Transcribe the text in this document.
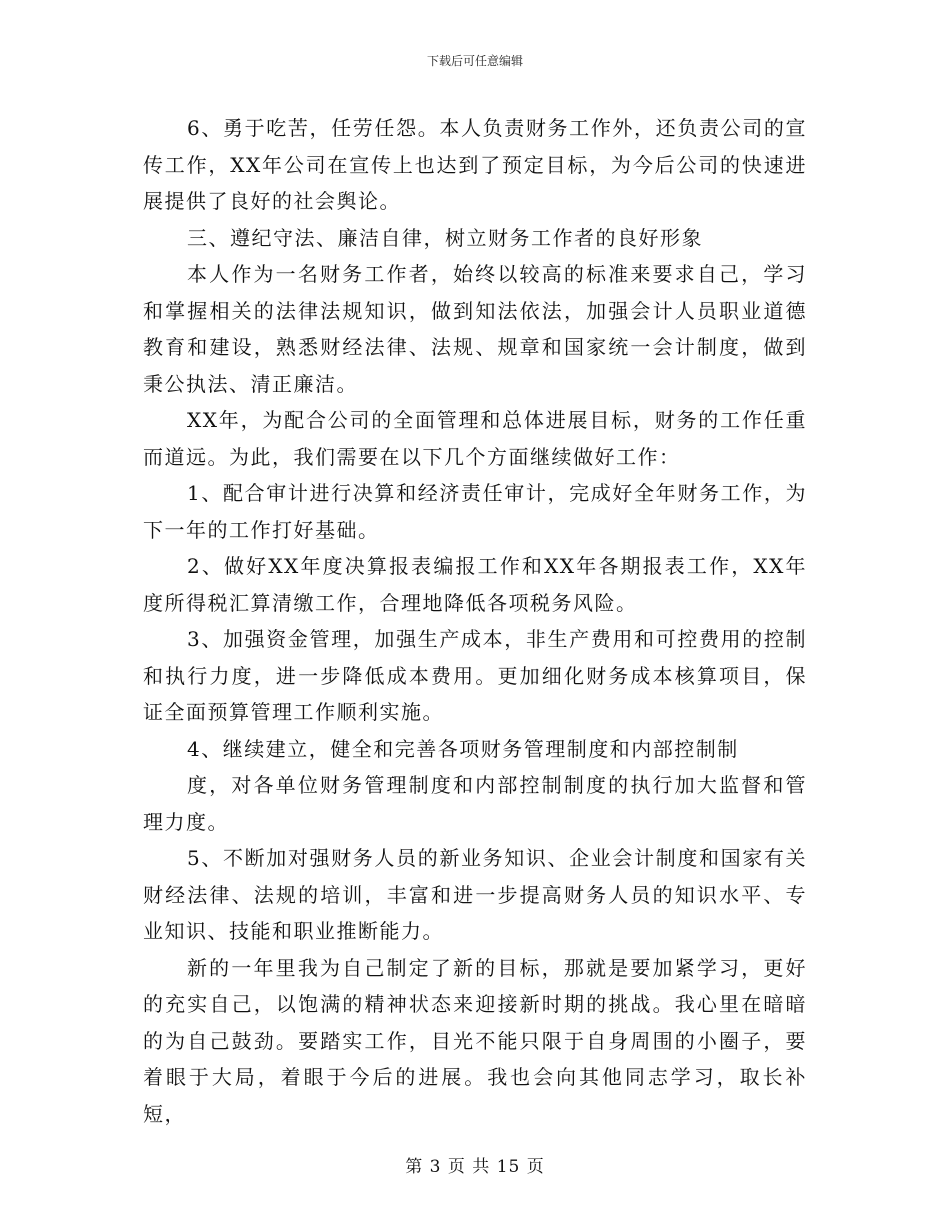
下载后可任意编辑

6、勇于吃苦，任劳任怨。本人负责财务工作外，还负责公司的宣传工作，XX年公司在宣传上也达到了预定目标，为今后公司的快速进展提供了良好的社会舆论。

三、遵纪守法、廉洁自律，树立财务工作者的良好形象

本人作为一名财务工作者，始终以较高的标准来要求自己，学习和掌握相关的法律法规知识，做到知法依法，加强会计人员职业道德教育和建设，熟悉财经法律、法规、规章和国家统一会计制度，做到秉公执法、清正廉洁。

XX年，为配合公司的全面管理和总体进展目标，财务的工作任重而道远。为此，我们需要在以下几个方面继续做好工作：

1、配合审计进行决算和经济责任审计，完成好全年财务工作，为下一年的工作打好基础。

2、做好XX年度决算报表编报工作和XX年各期报表工作，XX年度所得税汇算清缴工作，合理地降低各项税务风险。

3、加强资金管理，加强生产成本，非生产费用和可控费用的控制和执行力度，进一步降低成本费用。更加细化财务成本核算项目，保证全面预算管理工作顺利实施。

4、继续建立，健全和完善各项财务管理制度和内部控制制

度，对各单位财务管理制度和内部控制制度的执行加大监督和管理力度。

5、不断加对强财务人员的新业务知识、企业会计制度和国家有关财经法律、法规的培训，丰富和进一步提高财务人员的知识水平、专业知识、技能和职业推断能力。

新的一年里我为自己制定了新的目标，那就是要加紧学习，更好的充实自己，以饱满的精神状态来迎接新时期的挑战。我心里在暗暗的为自己鼓劲。要踏实工作，目光不能只限于自身周围的小圈子，要着眼于大局，着眼于今后的进展。我也会向其他同志学习，取长补短，

第 3 页 共 15 页
